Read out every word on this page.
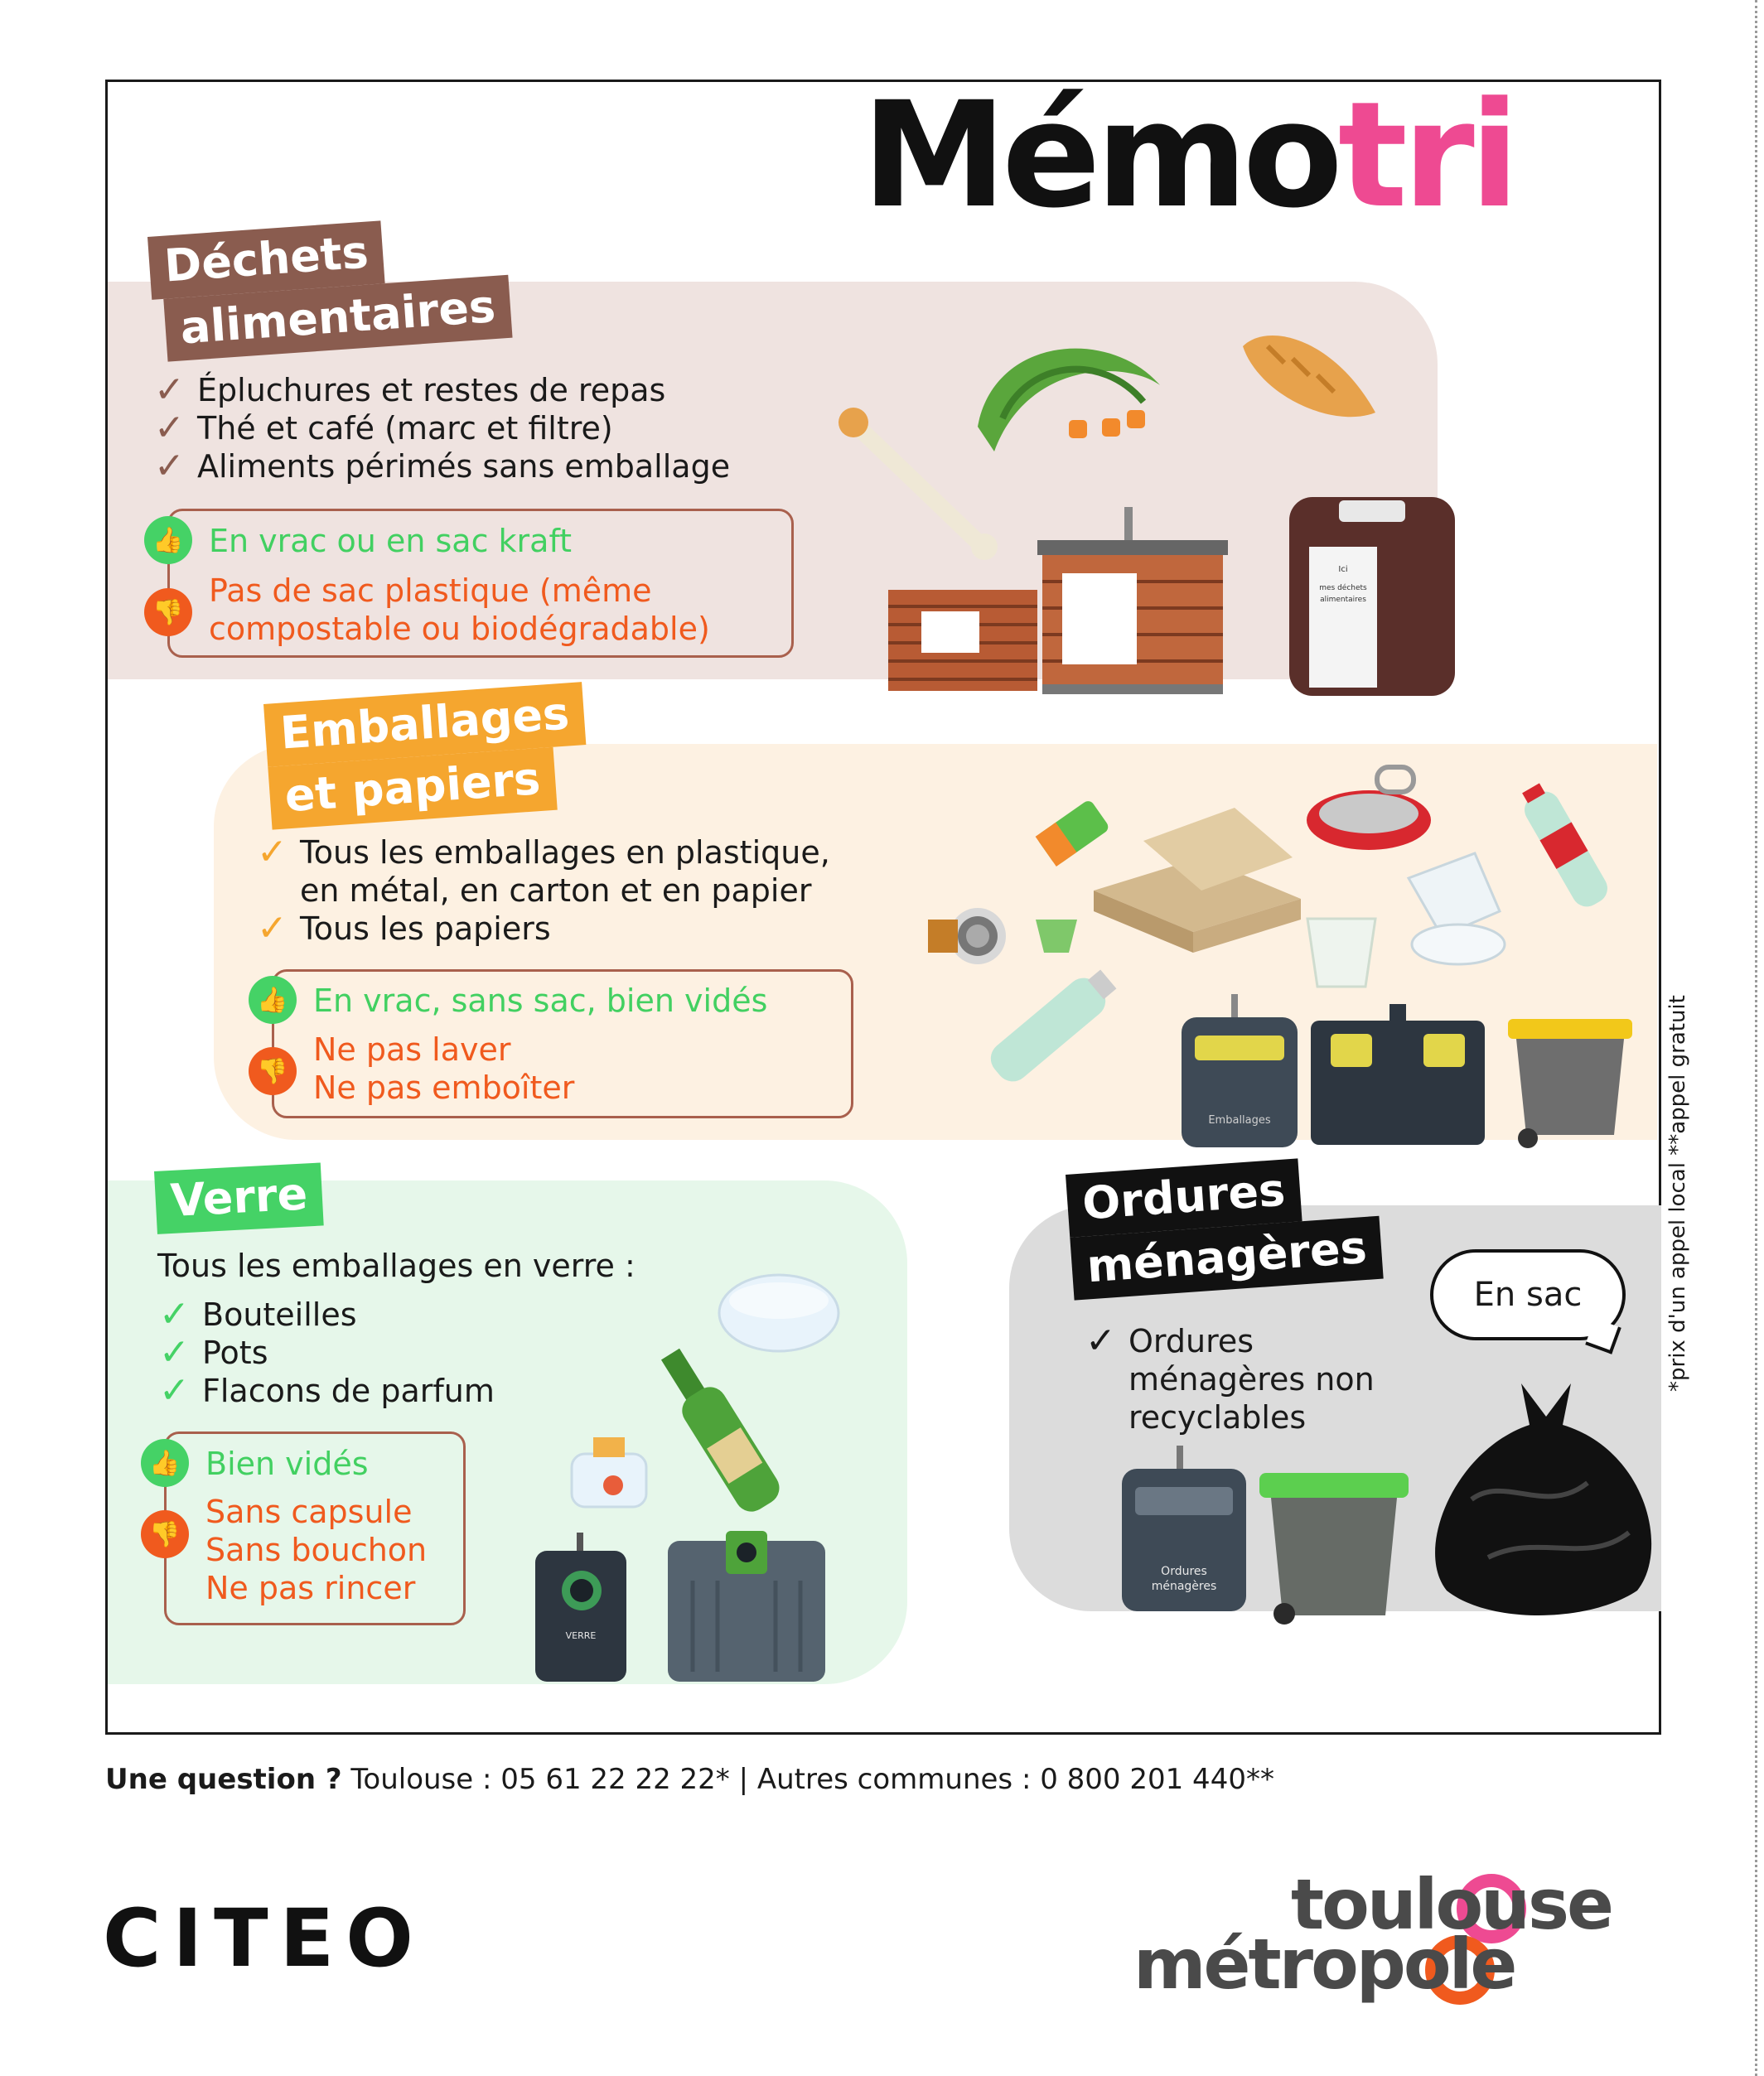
Mémotri
Déchets
alimentaires
✓ Épluchures et restes de repas
✓ Thé et café (marc et filtre)
✓ Aliments périmés sans emballage
👍 En vrac ou en sac kraft
👎
Pas de sac plastique (même
compostable ou biodégradable)
Ici
mes déchets
alimentaires
Emballages
et papiers
✓ Tous les emballages en plastique,
en métal, en carton et en papier
✓ Tous les papiers
👍 En vrac, sans sac, bien vidés
👎
Ne pas laver
Ne pas emboîter
Emballages
Verre
Tous les emballages en verre :
✓ Bouteilles
✓ Pots
✓ Flacons de parfum
👍 Bien vidés
👎
Sans capsule
Sans bouchon
Ne pas rincer
VERRE
Ordures
ménagères
✓ Ordures
ménagères non
recyclables
En sac
Ordures
ménagères
Une question ? Toulouse : 05 61 22 22 22* | Autres communes : 0 800 201 440**
*prix d'un appel local **appel gratuit
CITEO	toulouse
métropole
